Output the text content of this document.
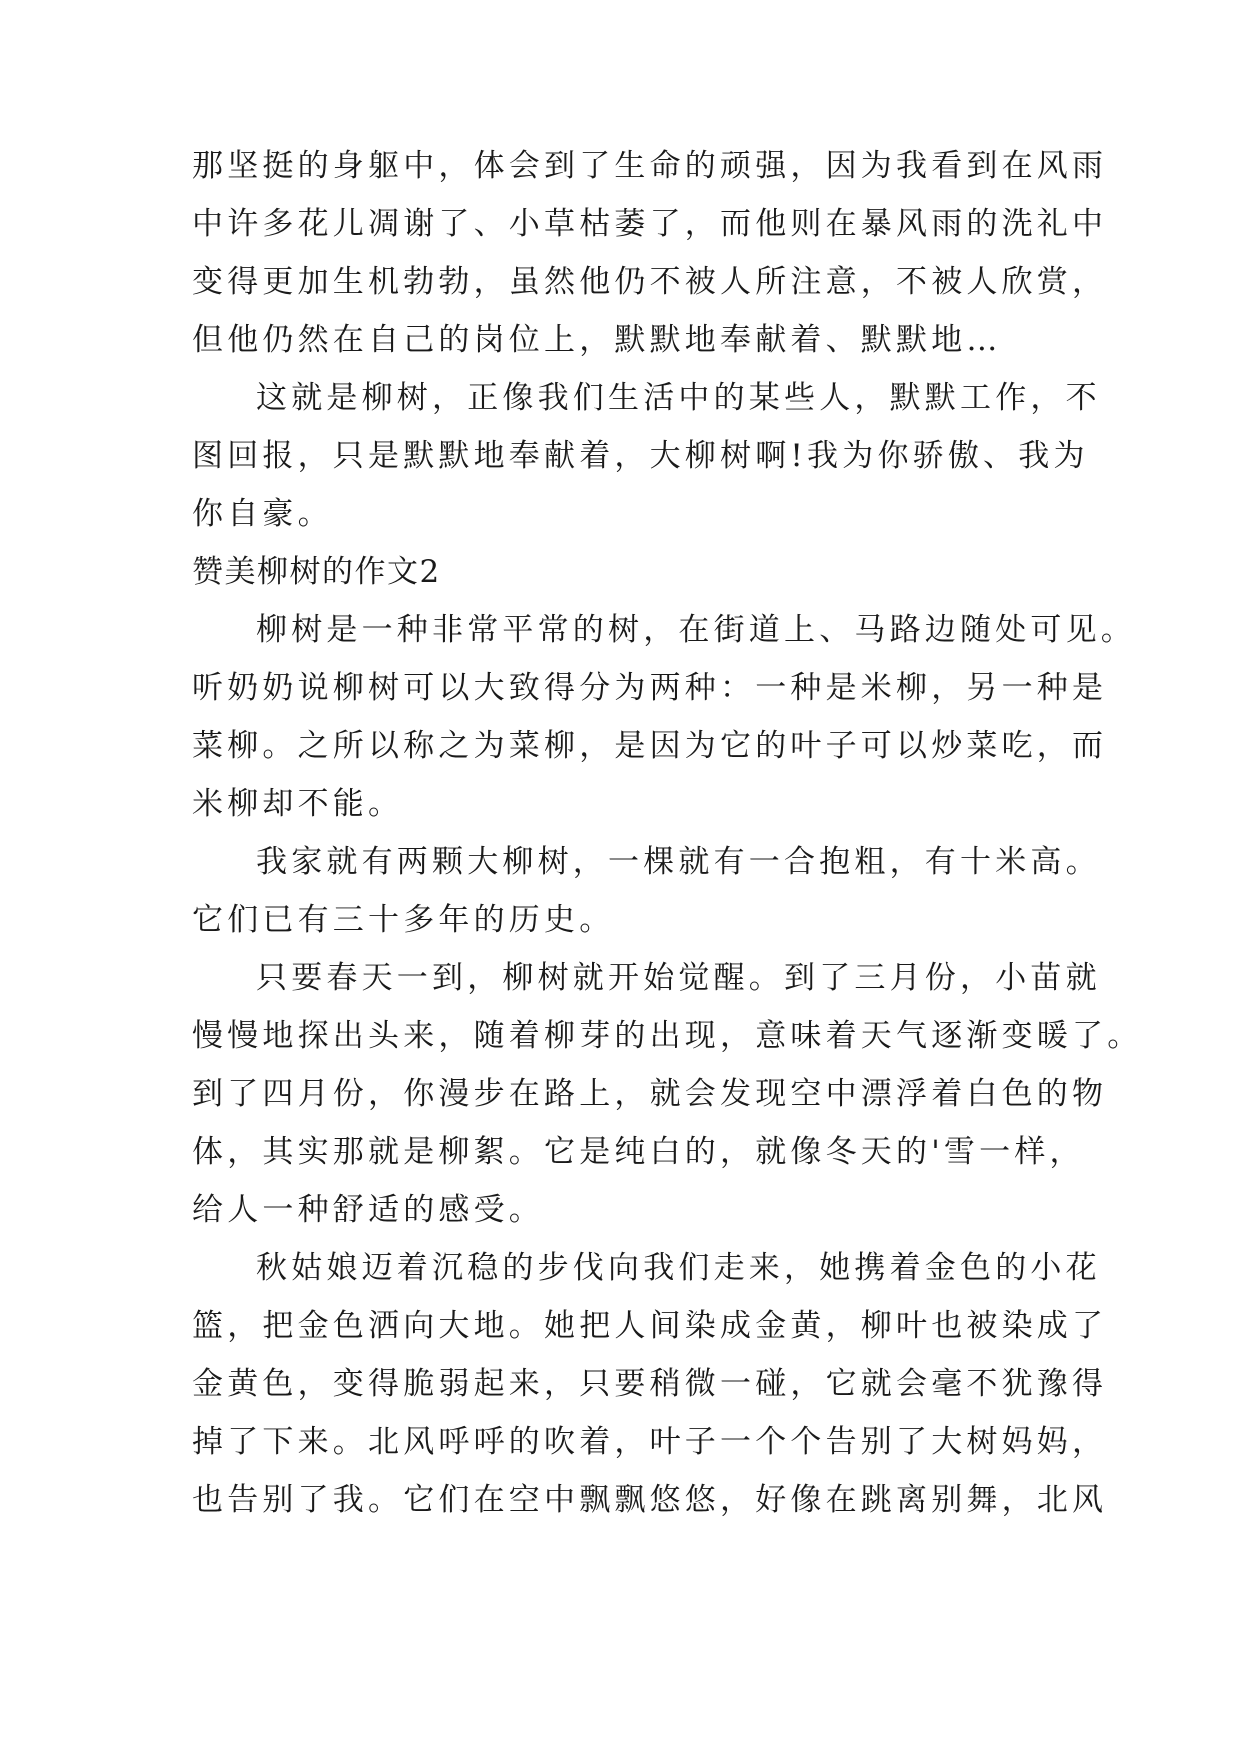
那坚挺的身躯中，体会到了生命的顽强，因为我看到在风雨
中许多花儿凋谢了、小草枯萎了，而他则在暴风雨的洗礼中
变得更加生机勃勃，虽然他仍不被人所注意，不被人欣赏，
但他仍然在自己的岗位上，默默地奉献着、默默地…
这就是柳树，正像我们生活中的某些人，默默工作，不
图回报，只是默默地奉献着，大柳树啊!我为你骄傲、我为
你自豪。
赞美柳树的作文2
柳树是一种非常平常的树，在街道上、马路边随处可见。
听奶奶说柳树可以大致得分为两种：一种是米柳，另一种是
菜柳。之所以称之为菜柳，是因为它的叶子可以炒菜吃，而
米柳却不能。
我家就有两颗大柳树，一棵就有一合抱粗，有十米高。
它们已有三十多年的历史。
只要春天一到，柳树就开始觉醒。到了三月份，小苗就
慢慢地探出头来，随着柳芽的出现，意味着天气逐渐变暖了。
到了四月份，你漫步在路上，就会发现空中漂浮着白色的物
体，其实那就是柳絮。它是纯白的，就像冬天的'雪一样，
给人一种舒适的感受。
秋姑娘迈着沉稳的步伐向我们走来，她携着金色的小花
篮，把金色洒向大地。她把人间染成金黄，柳叶也被染成了
金黄色，变得脆弱起来，只要稍微一碰，它就会毫不犹豫得
掉了下来。北风呼呼的吹着，叶子一个个告别了大树妈妈，
也告别了我。它们在空中飘飘悠悠，好像在跳离别舞，北风
